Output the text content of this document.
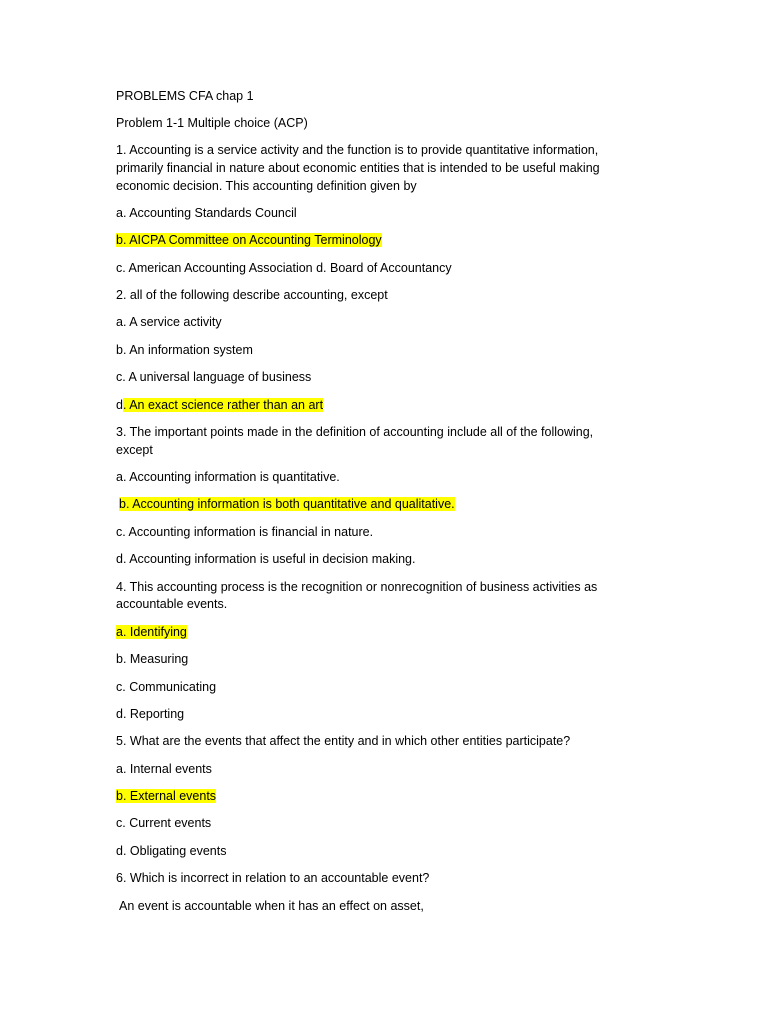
PROBLEMS CFA chap 1
Problem 1-1 Multiple choice (ACP)
1. Accounting is a service activity and the function is to provide quantitative information,
primarily financial in nature about economic entities that is intended to be useful making
economic decision. This accounting definition given by
a. Accounting Standards Council
b. AICPA Committee on Accounting Terminology
c. American Accounting Association d. Board of Accountancy
2. all of the following describe accounting, except
a. A service activity
b. An information system
c. A universal language of business
d. An exact science rather than an art
3. The important points made in the definition of accounting include all of the following,
except
a. Accounting information is quantitative.
b. Accounting information is both quantitative and qualitative.
c. Accounting information is financial in nature.
d. Accounting information is useful in decision making.
4. This accounting process is the recognition or nonrecognition of business activities as
accountable events.
a. Identifying
b. Measuring
c. Communicating
d. Reporting
5. What are the events that affect the entity and in which other entities participate?
a. Internal events
b. External events
c. Current events
d. Obligating events
6. Which is incorrect in relation to an accountable event?
An event is accountable when it has an effect on asset,
